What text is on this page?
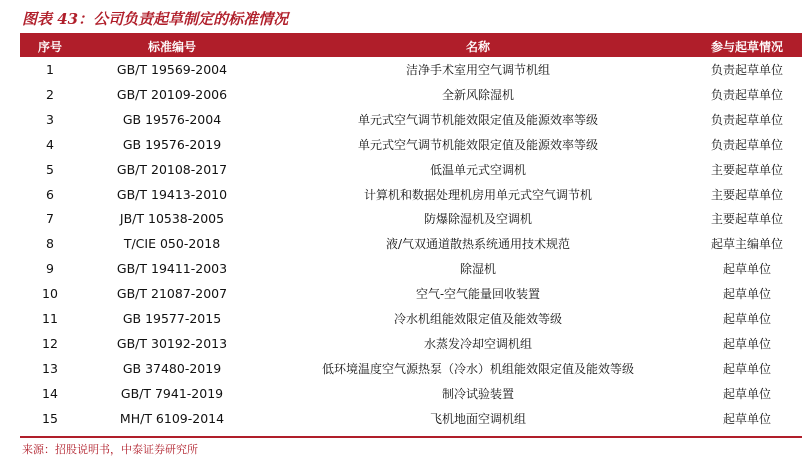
图表 43：公司负责起草制定的标准情况
序号	标准编号	名称	参与起草情况
1	GB/T 19569-2004	洁净手术室用空气调节机组	负责起草单位
2	GB/T 20109-2006	全新风除湿机	负责起草单位
3	GB 19576-2004	单元式空气调节机能效限定值及能源效率等级	负责起草单位
4	GB 19576-2019	单元式空气调节机能效限定值及能源效率等级	负责起草单位
5	GB/T 20108-2017	低温单元式空调机	主要起草单位
6	GB/T 19413-2010	计算机和数据处理机房用单元式空气调节机	主要起草单位
7	JB/T 10538-2005	防爆除湿机及空调机	主要起草单位
8	T/CIE 050-2018	液/气双通道散热系统通用技术规范	起草主编单位
9	GB/T 19411-2003	除湿机	起草单位
10	GB/T 21087-2007	空气-空气能量回收装置	起草单位
11	GB 19577-2015	冷水机组能效限定值及能效等级	起草单位
12	GB/T 30192-2013	水蒸发冷却空调机组	起草单位
13	GB 37480-2019	低环境温度空气源热泵（冷水）机组能效限定值及能效等级	起草单位
14	GB/T 7941-2019	制冷试验装置	起草单位
15	MH/T 6109-2014	飞机地面空调机组	起草单位
来源：招股说明书，中泰证券研究所
